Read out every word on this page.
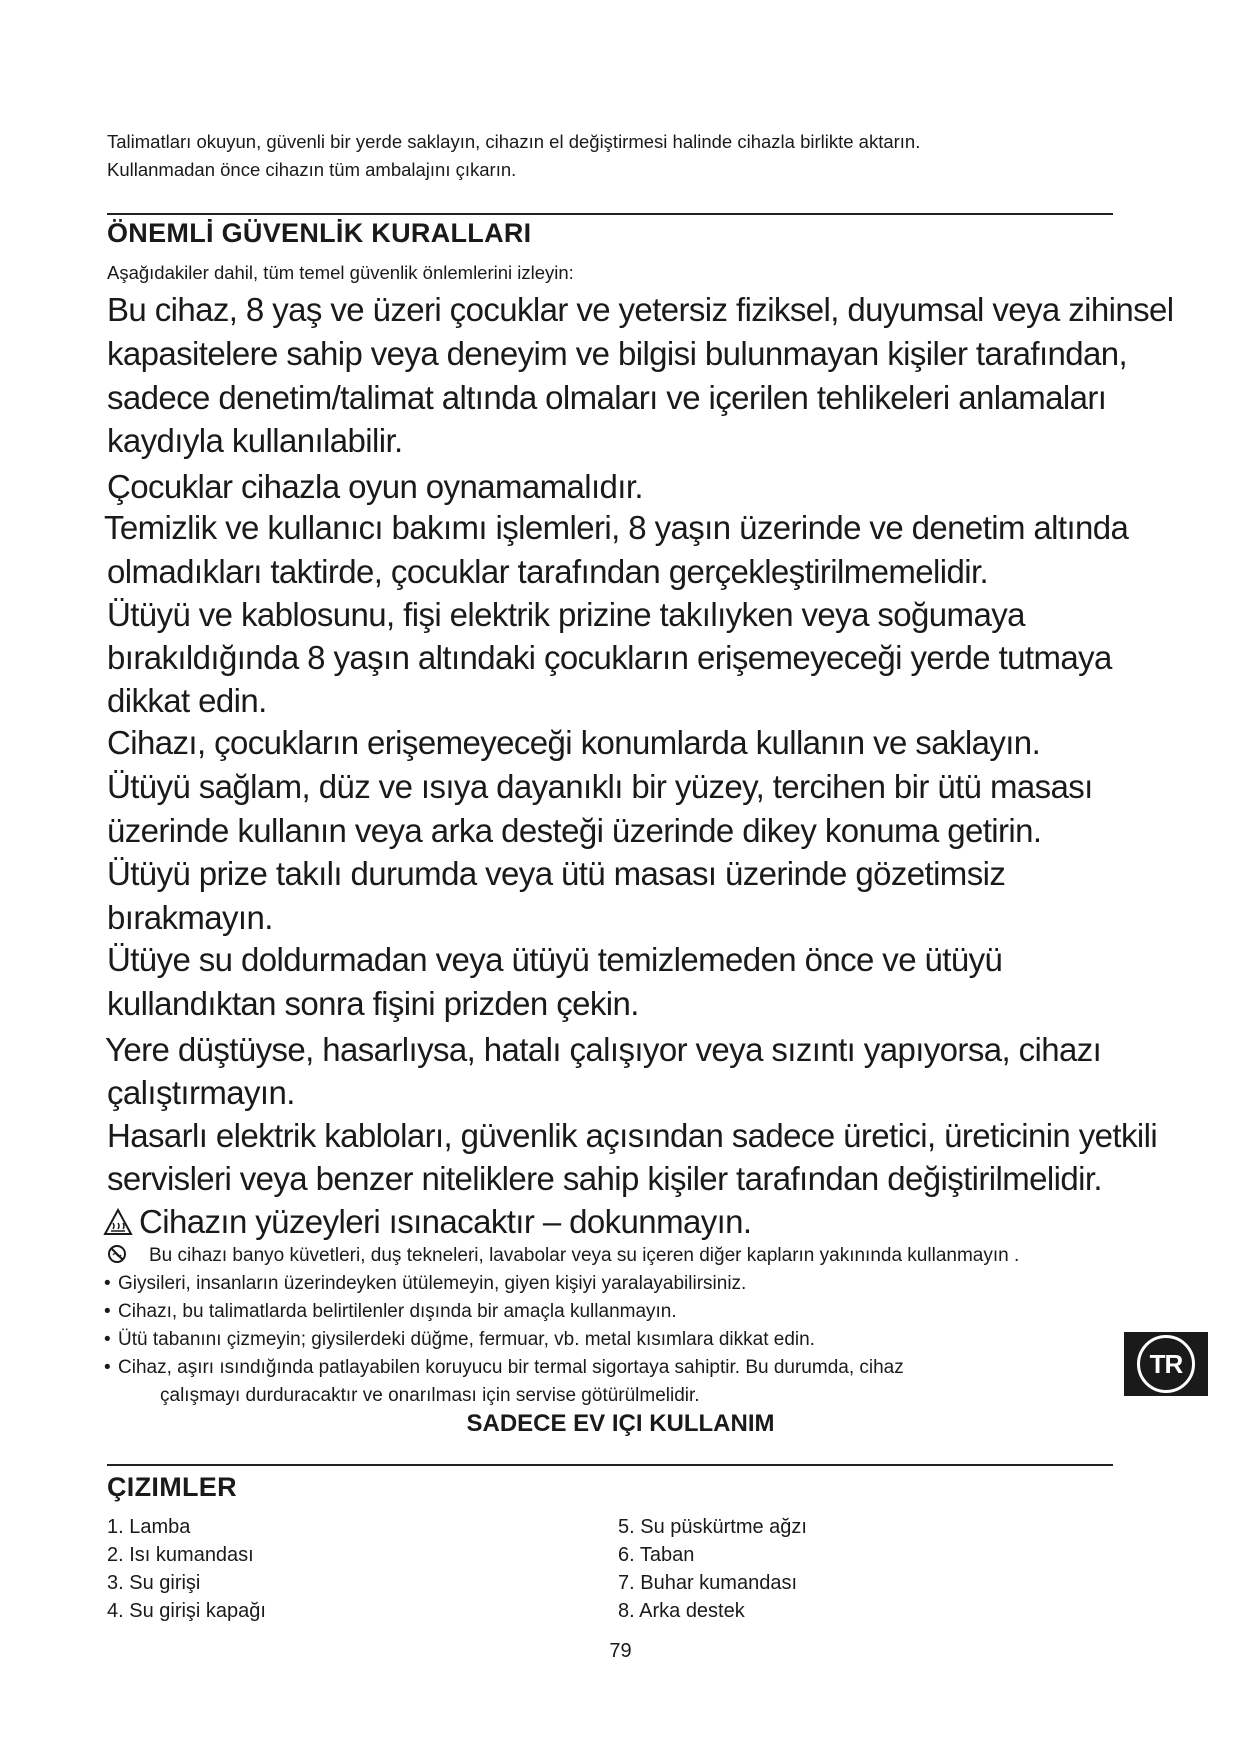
Talimatları okuyun, güvenli bir yerde saklayın, cihazın el değiştirmesi halinde cihazla birlikte aktarın.

Kullanmadan önce cihazın tüm ambalajını çıkarın.

ÖNEMLİ GÜVENLİK KURALLARI

Aşağıdakiler dahil, tüm temel güvenlik önlemlerini izleyin:

Bu cihaz, 8 yaş ve üzeri çocuklar ve yetersiz fiziksel, duyumsal veya zihinsel

kapasitelere sahip veya deneyim ve bilgisi bulunmayan kişiler tarafından,

sadece denetim/talimat altında olmaları ve içerilen tehlikeleri anlamaları

kaydıyla kullanılabilir.

Çocuklar cihazla oyun oynamamalıdır.

Temizlik ve kullanıcı bakımı işlemleri, 8 yaşın üzerinde ve denetim altında

olmadıkları taktirde, çocuklar tarafından gerçekleştirilmemelidir.

Ütüyü ve kablosunu, fişi elektrik prizine takılıyken veya soğumaya

bırakıldığında 8 yaşın altındaki çocukların erişemeyeceği yerde tutmaya

dikkat edin.

Cihazı, çocukların erişemeyeceği konumlarda kullanın ve saklayın.

Ütüyü sağlam, düz ve ısıya dayanıklı bir yüzey, tercihen bir ütü masası

üzerinde kullanın veya arka desteği üzerinde dikey konuma getirin.

Ütüyü prize takılı durumda veya ütü masası üzerinde gözetimsiz

bırakmayın.

Ütüye su doldurmadan veya ütüyü temizlemeden önce ve ütüyü

kullandıktan sonra fişini prizden çekin.

Yere düştüyse, hasarlıysa, hatalı çalışıyor veya sızıntı yapıyorsa, cihazı

çalıştırmayın.

Hasarlı elektrik kabloları, güvenlik açısından sadece üretici, üreticinin yetkili

servisleri veya benzer niteliklere sahip kişiler tarafından değiştirilmelidir.

Cihazın yüzeyleri ısınacaktır – dokunmayın.

Bu cihazı banyo küvetleri, duş tekneleri, lavabolar veya su içeren diğer kapların yakınında kullanmayın .

• Giysileri, insanların üzerindeyken ütülemeyin, giyen kişiyi yaralayabilirsiniz.

• Cihazı, bu talimatlarda belirtilenler dışında bir amaçla kullanmayın.

• Ütü tabanını çizmeyin; giysilerdeki düğme, fermuar, vb. metal kısımlara dikkat edin.

• Cihaz, aşırı ısındığında patlayabilen koruyucu bir termal sigortaya sahiptir. Bu durumda, cihaz

çalışmayı durduracaktır ve onarılması için servise götürülmelidir.

SADECE EV IÇI KULLANIM

TR
ÇIZIMLER

1. Lamba

2. Isı kumandası

3. Su girişi

4. Su girişi kapağı

5. Su püskürtme ağzı

6. Taban

7. Buhar kumandası

8. Arka destek

79
